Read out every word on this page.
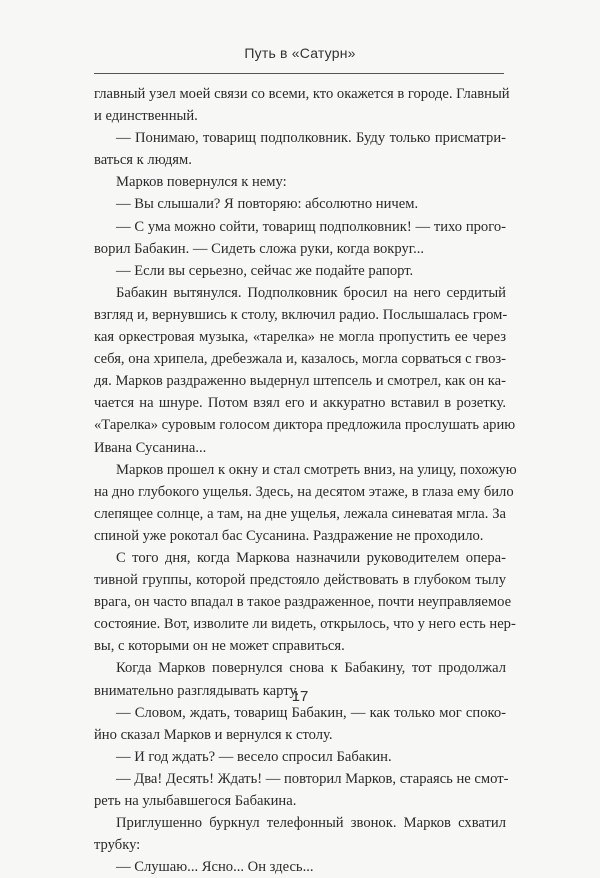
Путь в «Сатурн»
главный узел моей связи со всеми, кто окажется в городе. Главный
и единственный.
— Понимаю, товарищ подполковник. Буду только присматри-
ваться к людям.
Марков повернулся к нему:
— Вы слышали? Я повторяю: абсолютно ничем.
— С ума можно сойти, товарищ подполковник! — тихо прого-
ворил Бабакин. — Сидеть сложа руки, когда вокруг...
— Если вы серьезно, сейчас же подайте рапорт.
Бабакин вытянулся. Подполковник бросил на него сердитый
взгляд и, вернувшись к столу, включил радио. Послышалась гром-
кая оркестровая музыка, «тарелка» не могла пропустить ее через
себя, она хрипела, дребезжала и, казалось, могла сорваться с гвоз-
дя. Марков раздраженно выдернул штепсель и смотрел, как он ка-
чается на шнуре. Потом взял его и аккуратно вставил в розетку.
«Тарелка» суровым голосом диктора предложила прослушать арию
Ивана Сусанина...
Марков прошел к окну и стал смотреть вниз, на улицу, похожую
на дно глубокого ущелья. Здесь, на десятом этаже, в глаза ему било
слепящее солнце, а там, на дне ущелья, лежала синеватая мгла. За
спиной уже рокотал бас Сусанина. Раздражение не проходило.
С того дня, когда Маркова назначили руководителем опера-
тивной группы, которой предстояло действовать в глубоком тылу
врага, он часто впадал в такое раздраженное, почти неуправляемое
состояние. Вот, изволите ли видеть, открылось, что у него есть нер-
вы, с которыми он не может справиться.
Когда Марков повернулся снова к Бабакину, тот продолжал
внимательно разглядывать карту.
— Словом, ждать, товарищ Бабакин, — как только мог споко-
йно сказал Марков и вернулся к столу.
— И год ждать? — весело спросил Бабакин.
— Два! Десять! Ждать! — повторил Марков, стараясь не смот-
реть на улыбавшегося Бабакина.
Приглушенно буркнул телефонный звонок. Марков схватил
трубку:
— Слушаю... Ясно... Он здесь...
17
